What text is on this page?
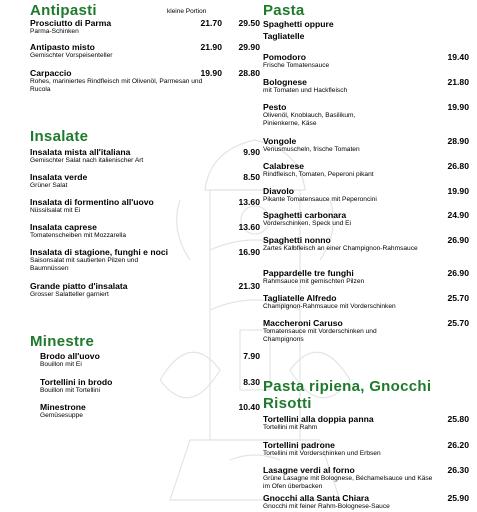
Antipasti	kleine Portion
Prosciutto di Parma
Parma-Schinken
21.70	29.50
Antipasto misto
Gemischter Vorspeisenteller
21.90	29.90
Carpaccio
Rohes, mariniertes Rindfleisch mit Olivenöl, Parmesan und Rucola
19.90	28.80
Insalate
Insalata mista all'italiana
Gemischter Salat nach italienischer Art
9.90
Insalata verde
Grüner Salat
8.50
Insalata di formentino all'uovo
Nüssilsalat mit Ei
13.60
Insalata caprese
Tomatenscheiben mit Mozzarella
13.60
Insalata di stagione, funghi e noci
Saisonsalat mit sautierten Pilzen und Baumnüssen
16.90
Grande piatto d'insalata
Grosser Salatteller garniert
21.30
Minestre
Brodo all'uovo
Bouillon mit Ei
7.90
Tortellini in brodo
Bouillon mit Tortellini
8.30
Minestrone
Gemüsesuppe
10.40
Pasta
Spaghetti oppure
Tagliatelle
Pomodoro
Frische Tomatensauce
19.40
Bolognese
mit Tomaten und Hackfleisch
21.80
Pesto
Olivenöl, Knoblauch, Basilikum, Pinienkerne, Käse
19.90
Vongole
Venusmuscheln, frische Tomaten
28.90
Calabrese
Rindfleisch, Tomaten, Peperoni pikant
26.80
Diavolo
Pikante Tomatensauce mit Peperoncini
19.90
Spaghetti carbonara
Vorderschinken, Speck und Ei
24.90
Spaghetti nonno
Zartes Kalbfleisch an einer Champignon-Rahmsauce
26.90
Pappardelle tre funghi
Rahmsauce mit gemischten Pilzen
26.90
Tagliatelle Alfredo
Champignon-Rahmsauce mit Vorderschinken
25.70
Maccheroni Caruso
Tomatensauce mit Vorderschinken und Champignons
25.70
Pasta ripiena, Gnocchi
Risotti
Tortellini alla doppia panna
Tortellini mit Rahm
25.80
Tortellini padrone
Tortellini mit Vorderschinken und Erbsen
26.20
Lasagne verdi al forno
Grüne Lasagne mit Bolognese, Béchamelsauce und Käse im Ofen überbacken
26.30
Gnocchi alla Santa Chiara
Gnocchi mit feiner Rahm-Bolognese-Sauce
25.90
